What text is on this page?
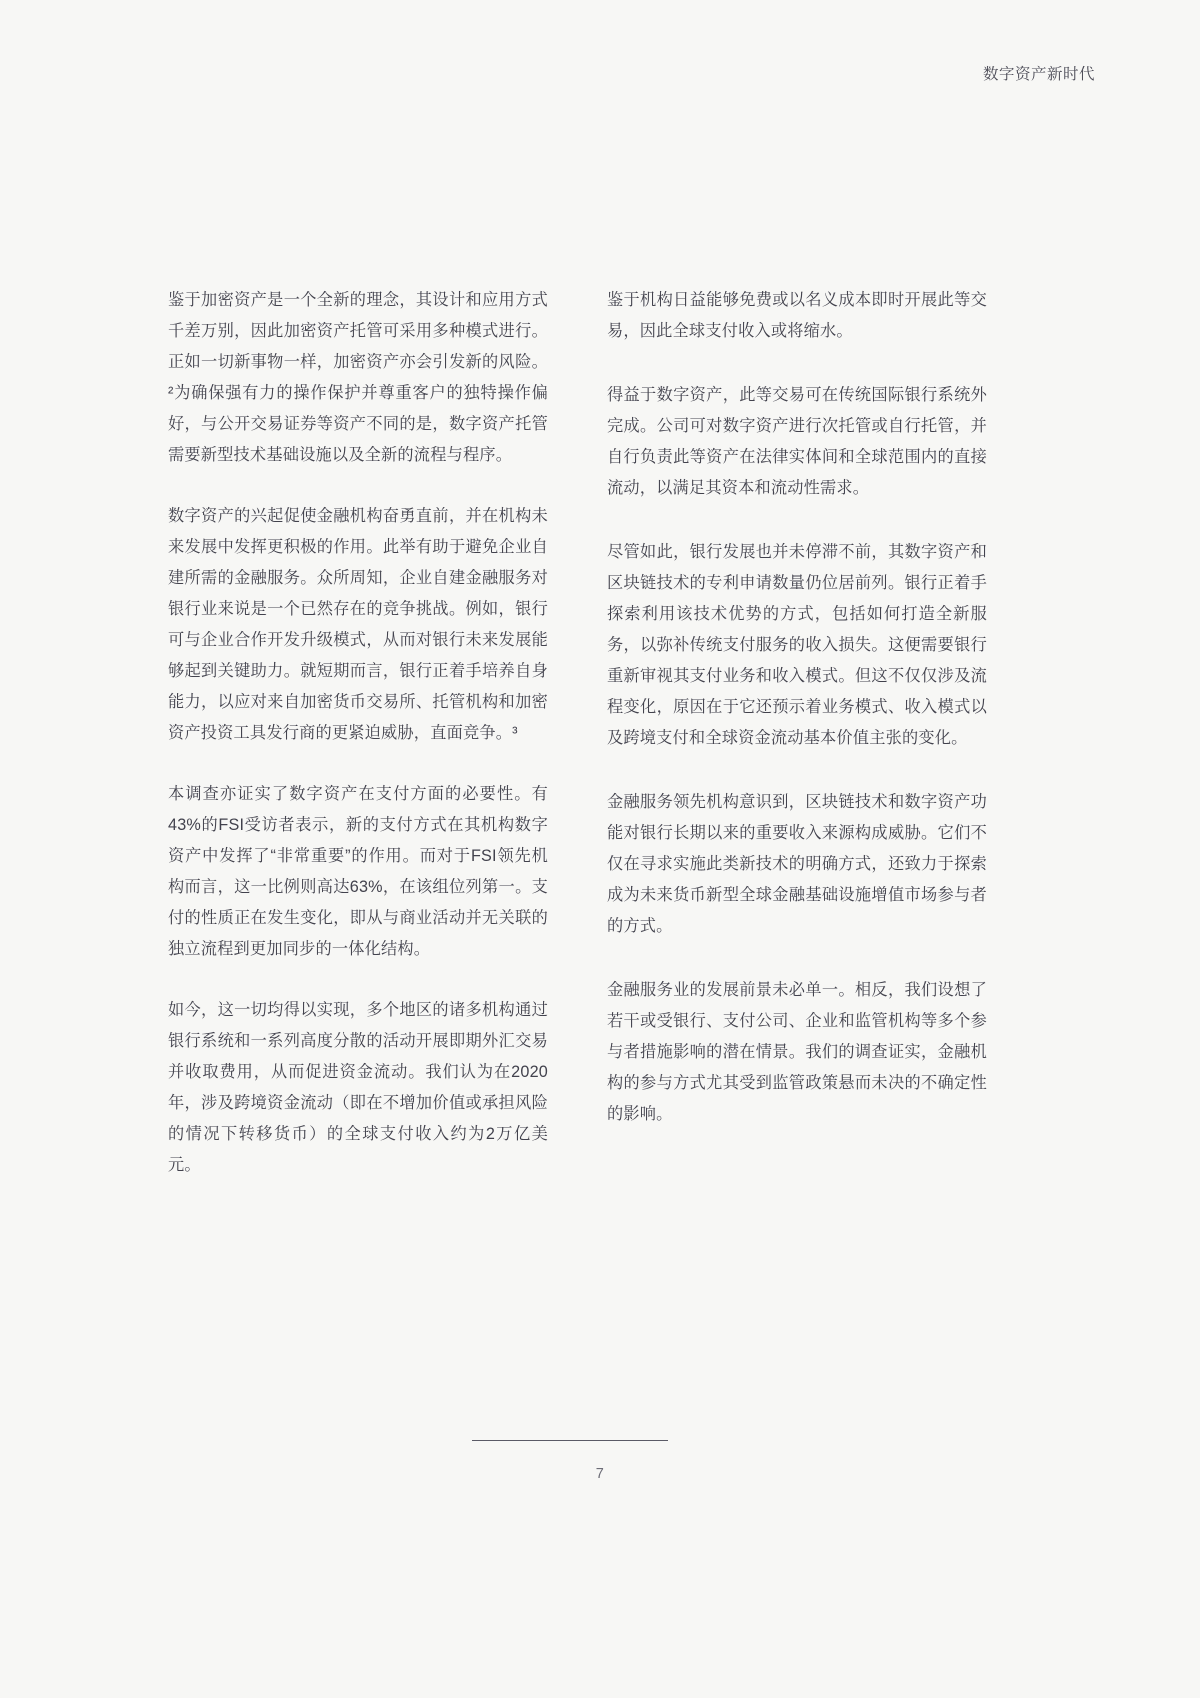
数字资产新时代

鉴于加密资产是一个全新的理念，其设计和应用方式千差万别，因此加密资产托管可采用多种模式进行。正如一切新事物一样，加密资产亦会引发新的风险。²为确保强有力的操作保护并尊重客户的独特操作偏好，与公开交易证券等资产不同的是，数字资产托管需要新型技术基础设施以及全新的流程与程序。

数字资产的兴起促使金融机构奋勇直前，并在机构未来发展中发挥更积极的作用。此举有助于避免企业自建所需的金融服务。众所周知，企业自建金融服务对银行业来说是一个已然存在的竞争挑战。例如，银行可与企业合作开发升级模式，从而对银行未来发展能够起到关键助力。就短期而言，银行正着手培养自身能力，以应对来自加密货币交易所、托管机构和加密资产投资工具发行商的更紧迫威胁，直面竞争。³

本调查亦证实了数字资产在支付方面的必要性。有43%的FSI受访者表示，新的支付方式在其机构数字资产中发挥了“非常重要”的作用。而对于FSI领先机构而言，这一比例则高达63%，在该组位列第一。支付的性质正在发生变化，即从与商业活动并无关联的独立流程到更加同步的一体化结构。

如今，这一切均得以实现，多个地区的诸多机构通过银行系统和一系列高度分散的活动开展即期外汇交易并收取费用，从而促进资金流动。我们认为在2020年，涉及跨境资金流动（即在不增加价值或承担风险的情况下转移货币）的全球支付收入约为2万亿美元。

鉴于机构日益能够免费或以名义成本即时开展此等交易，因此全球支付收入或将缩水。

得益于数字资产，此等交易可在传统国际银行系统外完成。公司可对数字资产进行次托管或自行托管，并自行负责此等资产在法律实体间和全球范围内的直接流动，以满足其资本和流动性需求。

尽管如此，银行发展也并未停滞不前，其数字资产和区块链技术的专利申请数量仍位居前列。银行正着手探索利用该技术优势的方式，包括如何打造全新服务，以弥补传统支付服务的收入损失。这便需要银行重新审视其支付业务和收入模式。但这不仅仅涉及流程变化，原因在于它还预示着业务模式、收入模式以及跨境支付和全球资金流动基本价值主张的变化。

金融服务领先机构意识到，区块链技术和数字资产功能对银行长期以来的重要收入来源构成威胁。它们不仅在寻求实施此类新技术的明确方式，还致力于探索成为未来货币新型全球金融基础设施增值市场参与者的方式。

金融服务业的发展前景未必单一。相反，我们设想了若干或受银行、支付公司、企业和监管机构等多个参与者措施影响的潜在情景。我们的调查证实，金融机构的参与方式尤其受到监管政策悬而未决的不确定性的影响。

7
